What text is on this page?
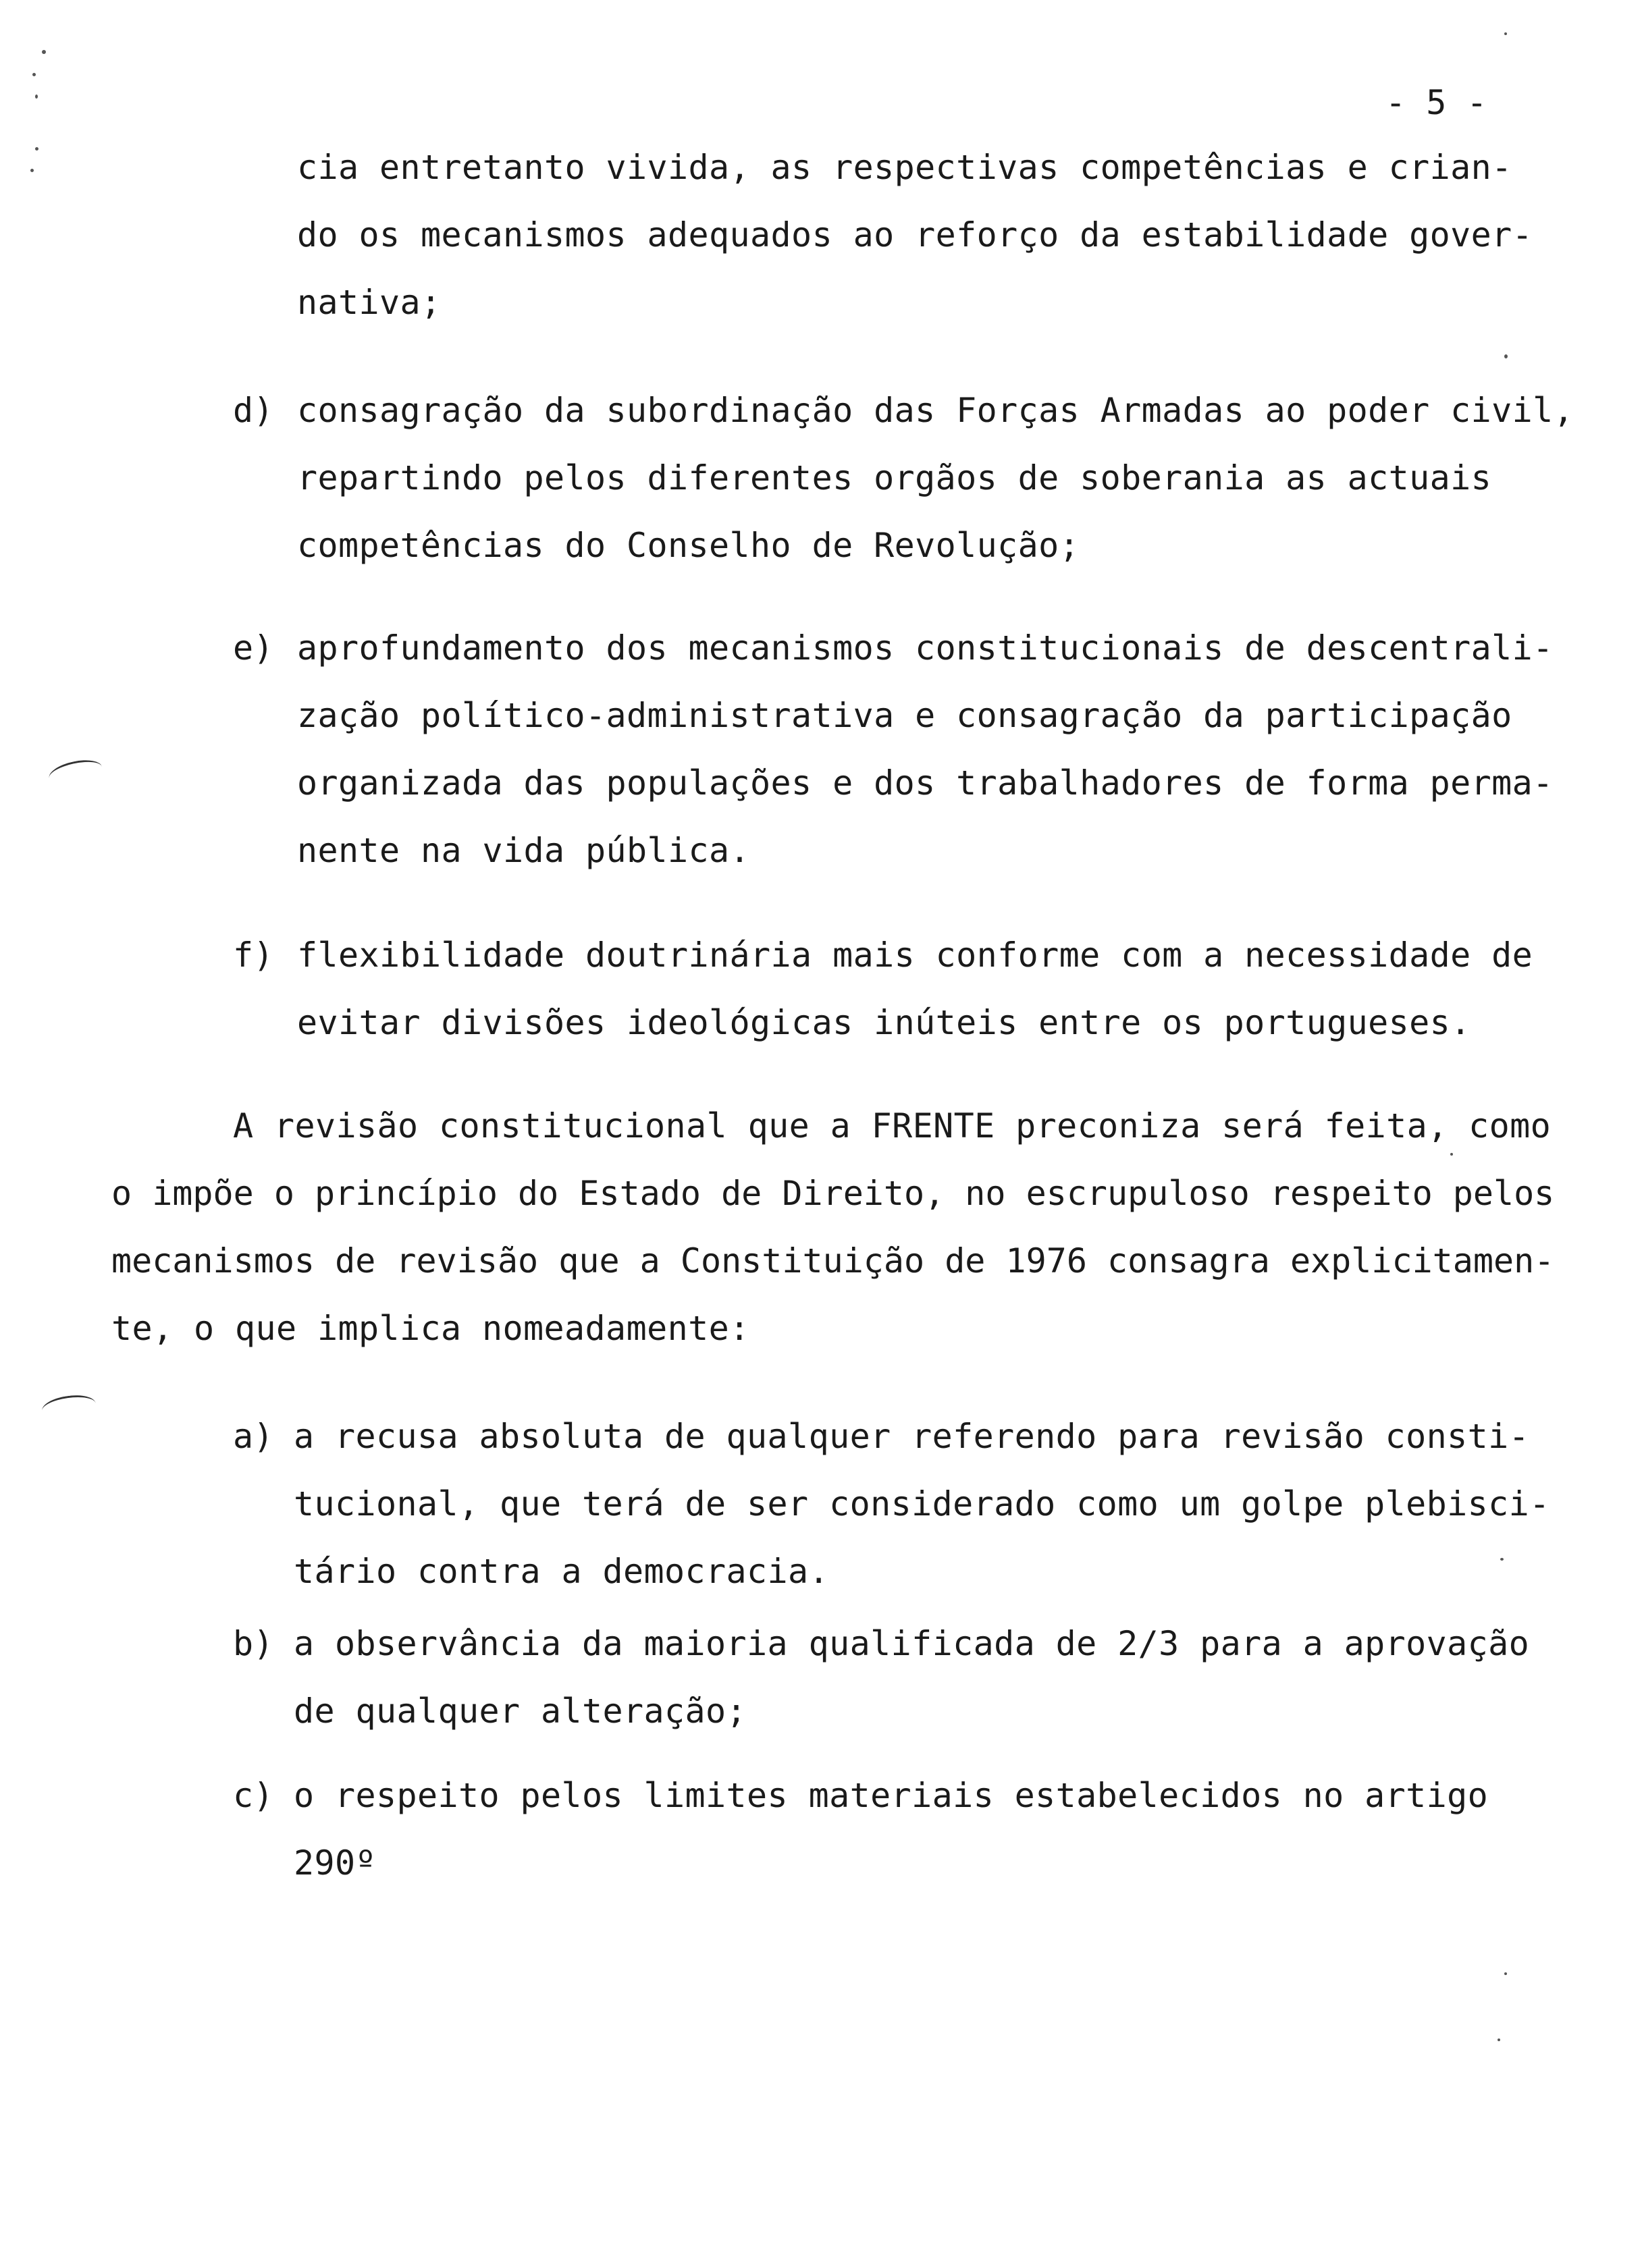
- 5 -
cia entretanto vivida, as respectivas competências e crian-
do os mecanismos adequados ao reforço da estabilidade gover-
nativa;
d) consagração da subordinação das Forças Armadas ao poder civil,
repartindo pelos diferentes orgãos de soberania as actuais
competências do Conselho de Revolução;
e) aprofundamento dos mecanismos constitucionais de descentrali-
zação político-administrativa e consagração da participação
organizada das populações e dos trabalhadores de forma perma-
nente na vida pública.
f) flexibilidade doutrinária mais conforme com a necessidade de
evitar divisões ideológicas inúteis entre os portugueses.
A revisão constitucional que a FRENTE preconiza será feita, como
o impõe o princípio do Estado de Direito, no escrupuloso respeito pelos
mecanismos de revisão que a Constituição de 1976 consagra explicitamen-
te, o que implica nomeadamente:
a) a recusa absoluta de qualquer referendo para revisão consti-
tucional, que terá de ser considerado como um golpe plebisci-
tário contra a democracia.
b) a observância da maioria qualificada de 2/3 para a aprovação
de qualquer alteração;
c) o respeito pelos limites materiais estabelecidos no artigo
290º
